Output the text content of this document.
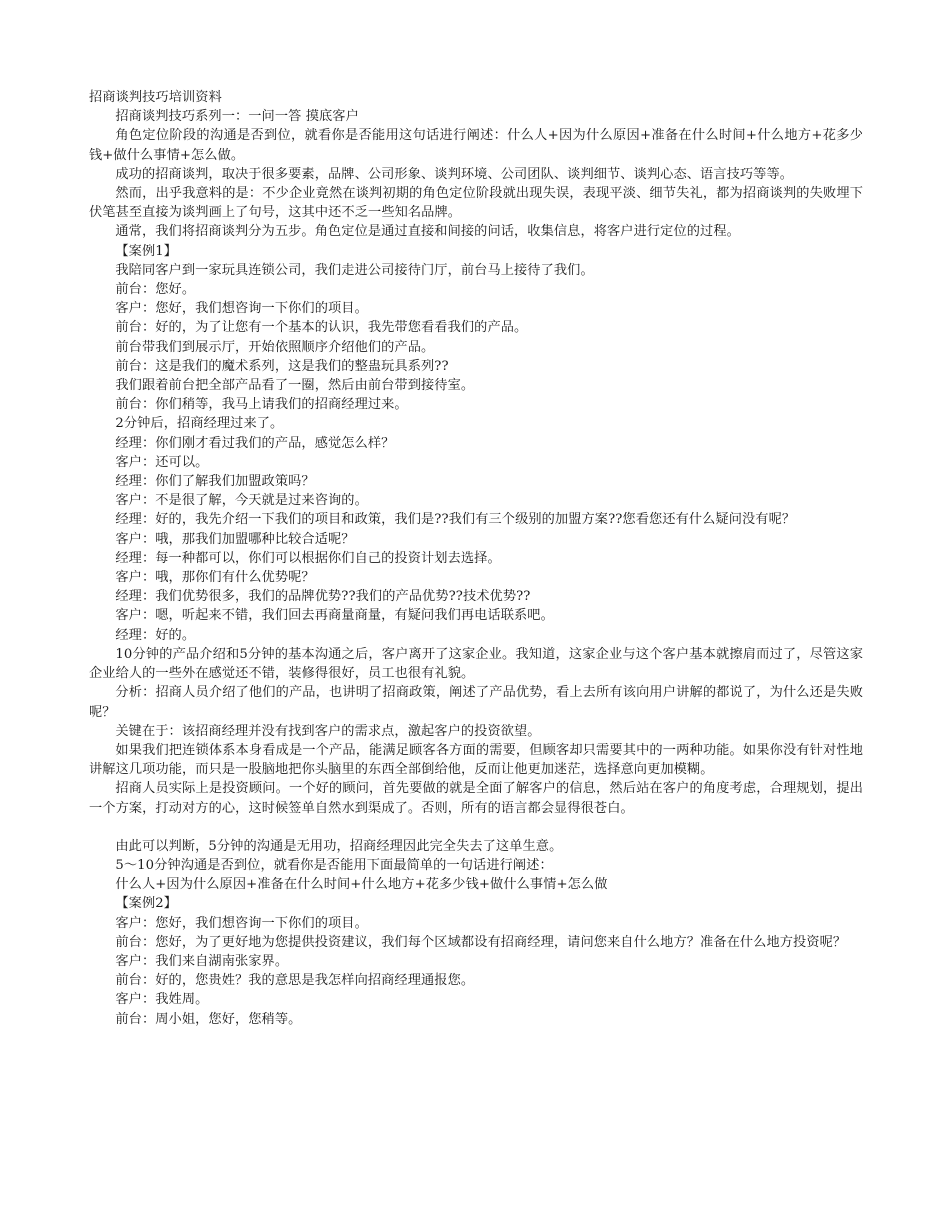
招商谈判技巧培训资料

招商谈判技巧系列一：一问一答 摸底客户

角色定位阶段的沟通是否到位，就看你是否能用这句话进行阐述：什么人+因为什么原因+准备在什么时间+什么地方+花多少钱+做什么事情+怎么做。

成功的招商谈判，取决于很多要素，品牌、公司形象、谈判环境、公司团队、谈判细节、谈判心态、语言技巧等等。

然而，出乎我意料的是：不少企业竟然在谈判初期的角色定位阶段就出现失误，表现平淡、细节失礼，都为招商谈判的失败埋下伏笔甚至直接为谈判画上了句号，这其中还不乏一些知名品牌。

通常，我们将招商谈判分为五步。角色定位是通过直接和间接的问话，收集信息，将客户进行定位的过程。

【案例1】

我陪同客户到一家玩具连锁公司，我们走进公司接待门厅，前台马上接待了我们。

前台：您好。

客户：您好，我们想咨询一下你们的项目。

前台：好的，为了让您有一个基本的认识，我先带您看看我们的产品。

前台带我们到展示厅，开始依照顺序介绍他们的产品。

前台：这是我们的魔术系列，这是我们的整蛊玩具系列??

我们跟着前台把全部产品看了一圈，然后由前台带到接待室。

前台：你们稍等，我马上请我们的招商经理过来。

2分钟后，招商经理过来了。

经理：你们刚才看过我们的产品，感觉怎么样？

客户：还可以。

经理：你们了解我们加盟政策吗？

客户：不是很了解，今天就是过来咨询的。

经理：好的，我先介绍一下我们的项目和政策，我们是??我们有三个级别的加盟方案??您看您还有什么疑问没有呢？

客户：哦，那我们加盟哪种比较合适呢？

经理：每一种都可以，你们可以根据你们自己的投资计划去选择。

客户：哦，那你们有什么优势呢？

经理：我们优势很多，我们的品牌优势??我们的产品优势??技术优势??

客户：嗯，听起来不错，我们回去再商量商量，有疑问我们再电话联系吧。

经理：好的。

10分钟的产品介绍和5分钟的基本沟通之后，客户离开了这家企业。我知道，这家企业与这个客户基本就擦肩而过了，尽管这家企业给人的一些外在感觉还不错，装修得很好，员工也很有礼貌。

分析：招商人员介绍了他们的产品，也讲明了招商政策，阐述了产品优势，看上去所有该向用户讲解的都说了，为什么还是失败呢？

关键在于：该招商经理并没有找到客户的需求点，激起客户的投资欲望。

如果我们把连锁体系本身看成是一个产品，能满足顾客各方面的需要，但顾客却只需要其中的一两种功能。如果你没有针对性地讲解这几项功能，而只是一股脑地把你头脑里的东西全部倒给他，反而让他更加迷茫，选择意向更加模糊。

招商人员实际上是投资顾问。一个好的顾问，首先要做的就是全面了解客户的信息，然后站在客户的角度考虑，合理规划，提出一个方案，打动对方的心，这时候签单自然水到渠成了。否则，所有的语言都会显得很苍白。

由此可以判断，5分钟的沟通是无用功，招商经理因此完全失去了这单生意。

5～10分钟沟通是否到位，就看你是否能用下面最简单的一句话进行阐述：

什么人+因为什么原因+准备在什么时间+什么地方+花多少钱+做什么事情+怎么做

【案例2】

客户：您好，我们想咨询一下你们的项目。

前台：您好，为了更好地为您提供投资建议，我们每个区域都设有招商经理，请问您来自什么地方？准备在什么地方投资呢？

客户：我们来自湖南张家界。

前台：好的，您贵姓？我的意思是我怎样向招商经理通报您。

客户：我姓周。

前台：周小姐，您好，您稍等。
